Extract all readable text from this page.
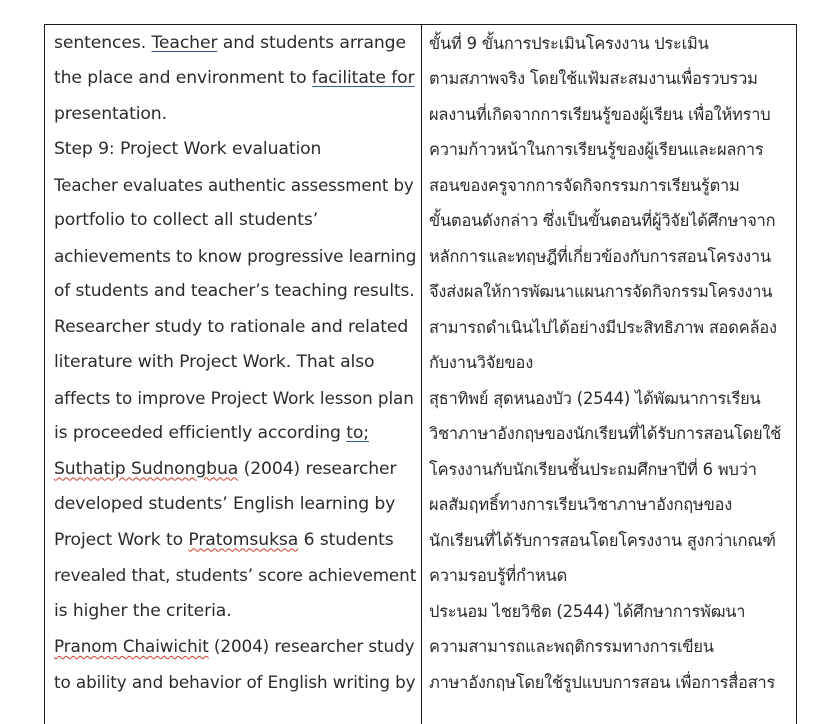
sentences. Teacher and students arrange
the place and environment to facilitate for
presentation.
Step 9: Project Work evaluation
Teacher evaluates authentic assessment by
portfolio to collect all students’
achievements to know progressive learning
of students and teacher’s teaching results.
Researcher study to rationale and related
literature with Project Work. That also
affects to improve Project Work lesson plan
is proceeded efficiently according to;
Suthatip Sudnongbua (2004) researcher
developed students’ English learning by
Project Work to Pratomsuksa 6 students
revealed that, students’ score achievement
is higher the criteria.
Pranom Chaiwichit (2004) researcher study
to ability and behavior of English writing by
ขั้นที่ 9 ขั้นการประเมินโครงงาน ประเมิน
ตามสภาพจริง โดยใช้แฟ้มสะสมงานเพื่อรวบรวม
ผลงานที่เกิดจากการเรียนรู้ของผู้เรียน เพื่อให้ทราบ
ความก้าวหน้าในการเรียนรู้ของผู้เรียนและผลการ
สอนของครูจากการจัดกิจกรรมการเรียนรู้ตาม
ขั้นตอนดังกล่าว ซึ่งเป็นขั้นตอนที่ผู้วิจัยได้ศึกษาจาก
หลักการและทฤษฎีที่เกี่ยวข้องกับการสอนโครงงาน
จึงส่งผลให้การพัฒนาแผนการจัดกิจกรรมโครงงาน
สามารถดำเนินไปได้อย่างมีประสิทธิภาพ สอดคล้อง
กับงานวิจัยของ
สุธาทิพย์ สุดหนองบัว (2544) ได้พัฒนาการเรียน
วิชาภาษาอังกฤษของนักเรียนที่ได้รับการสอนโดยใช้
โครงงานกับนักเรียนชั้นประถมศึกษาปีที่ 6 พบว่า
ผลสัมฤทธิ์ทางการเรียนวิชาภาษาอังกฤษของ
นักเรียนที่ได้รับการสอนโดยโครงงาน สูงกว่าเกณฑ์
ความรอบรู้ที่กำหนด
ประนอม ไชยวิชิต (2544) ได้ศึกษาการพัฒนา
ความสามารถและพฤติกรรมทางการเขียน
ภาษาอังกฤษโดยใช้รูปแบบการสอน เพื่อการสื่อสาร
